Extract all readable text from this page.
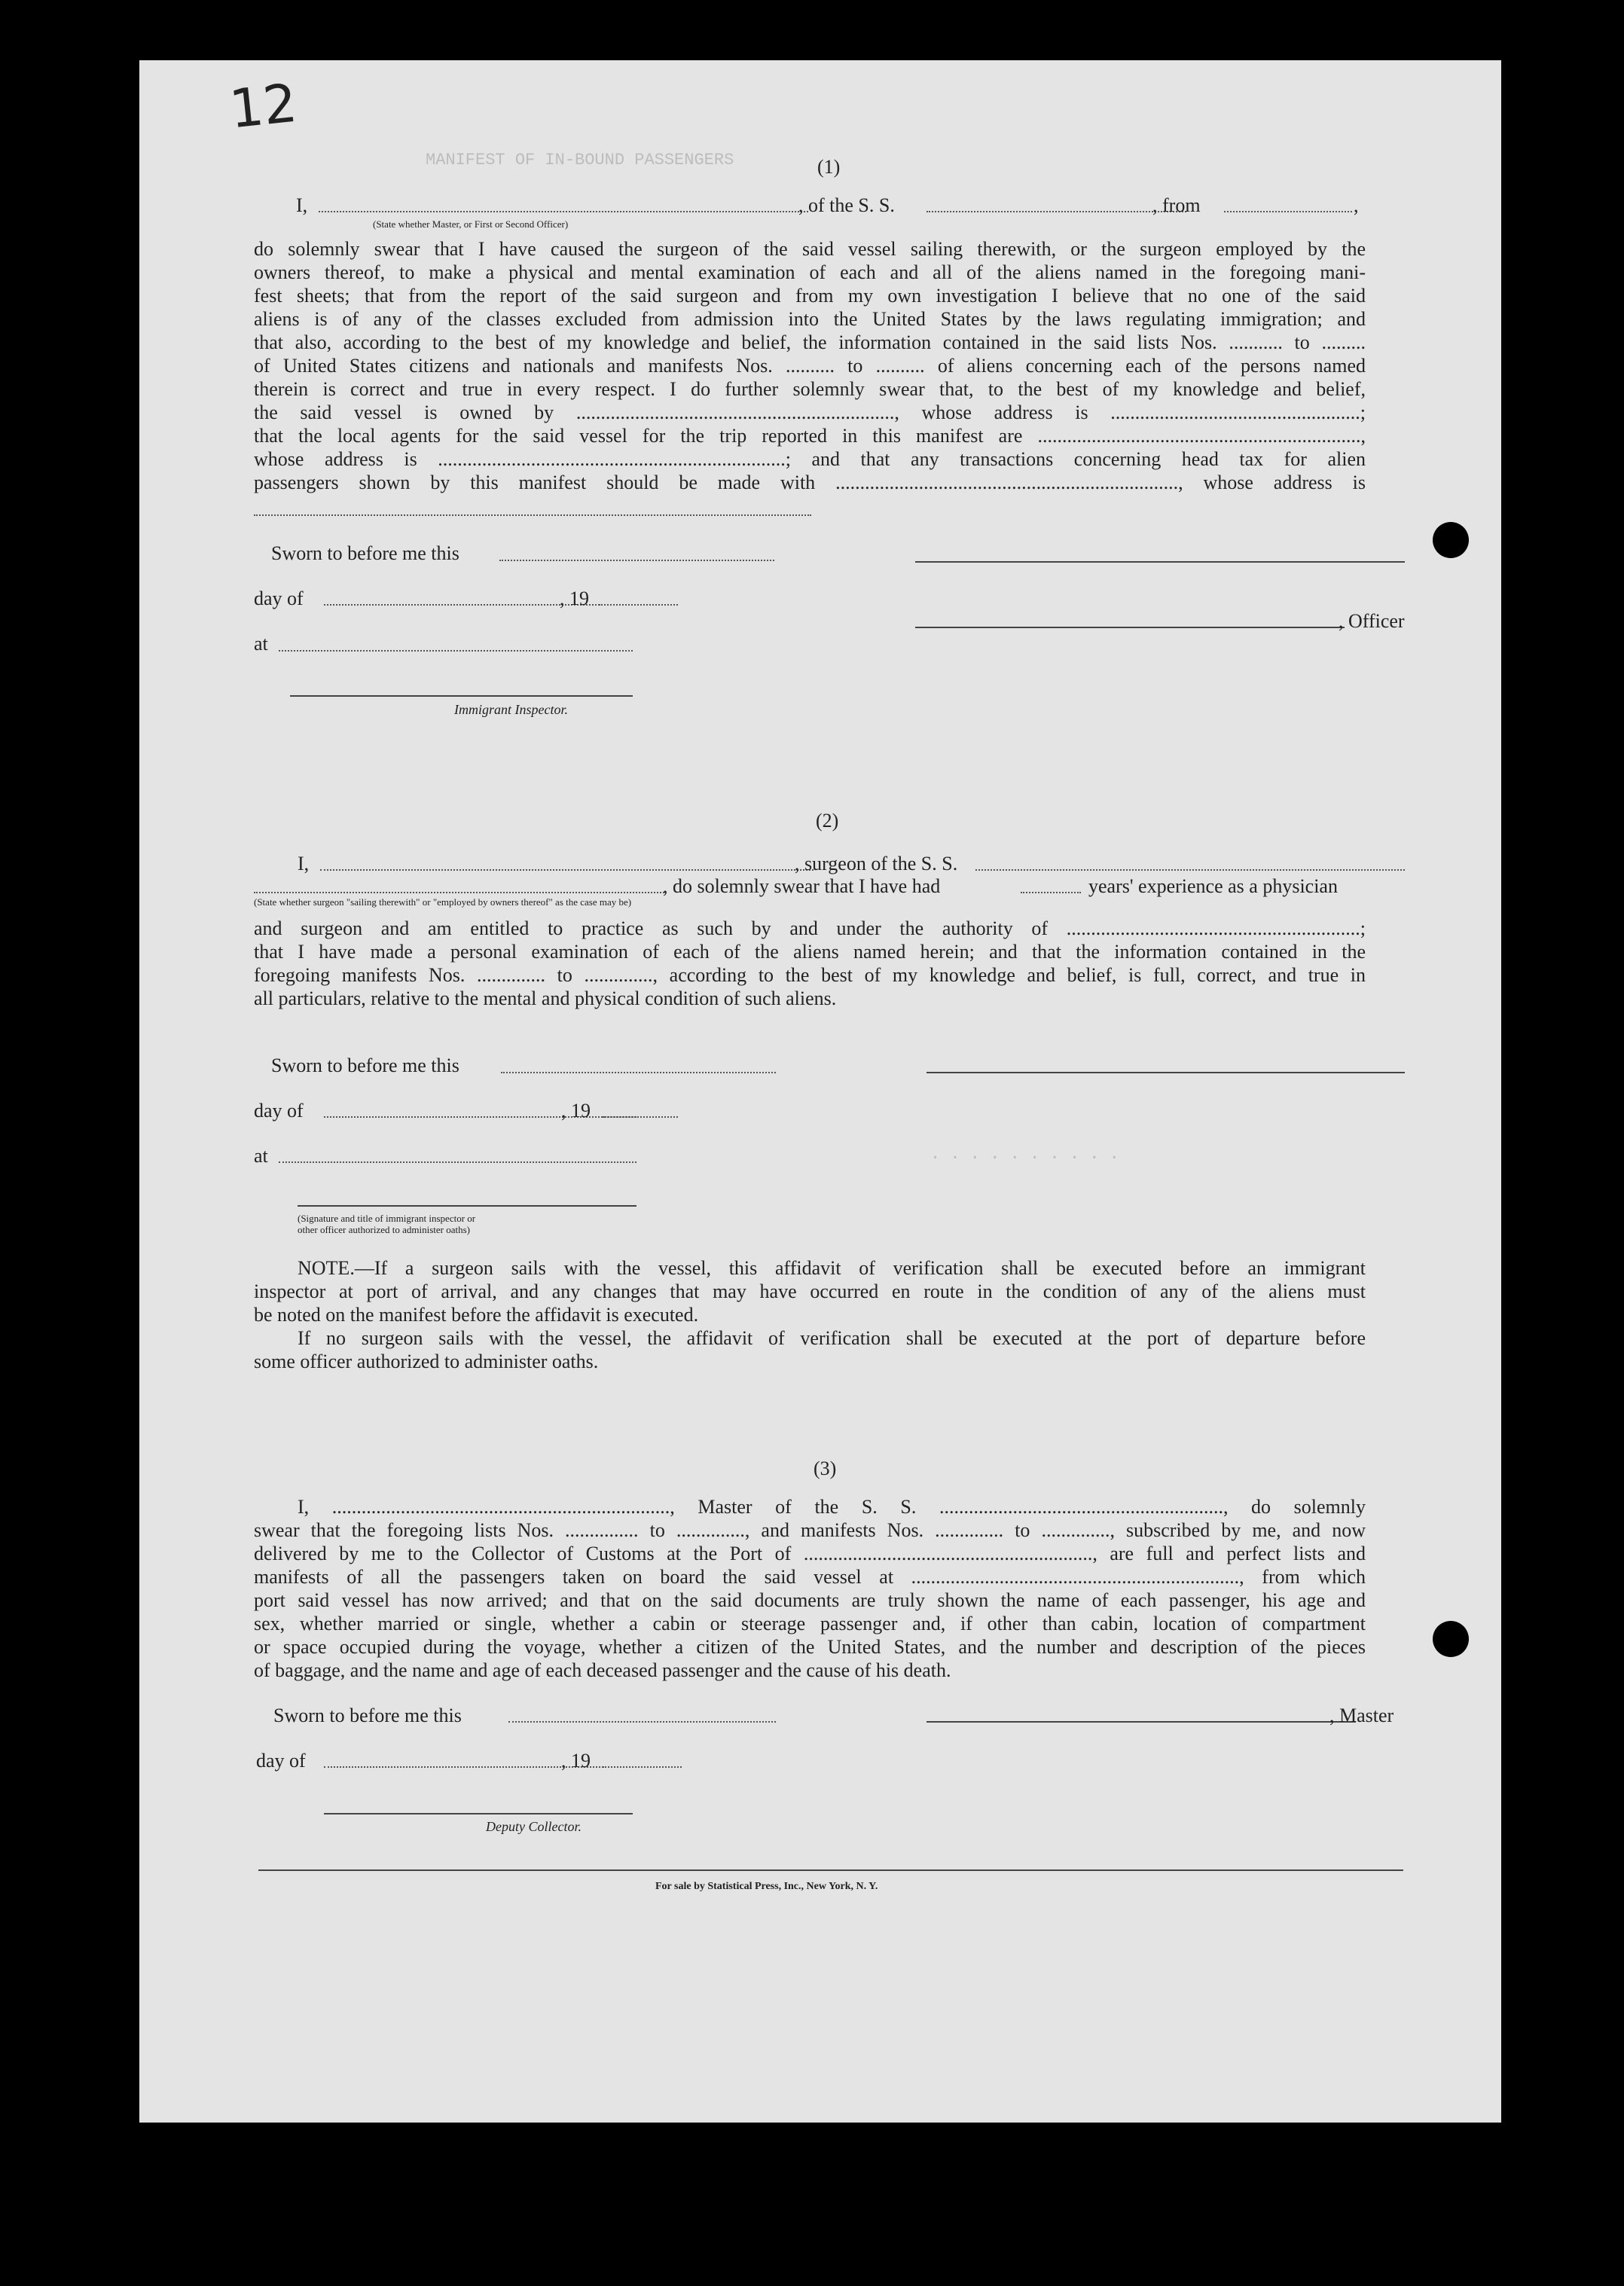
12
MANIFEST OF IN-BOUND PASSENGERS
. . . . . . . . . .
(1)
I,	, of the S. S.	, from	,
(State whether Master, or First or Second Officer)
do solemnly swear that I have caused the surgeon of the said vessel sailing therewith, or the surgeon employed by the
owners thereof, to make a physical and mental examination of each and all of the aliens named in the foregoing mani-
fest sheets; that from the report of the said surgeon and from my own investigation I believe that no one of the said
aliens is of any of the classes excluded from admission into the United States by the laws regulating immigration; and
that also, according to the best of my knowledge and belief, the information contained in the said lists Nos. ........... to .........
of United States citizens and nationals and manifests Nos. .......... to .......... of aliens concerning each of the persons named
therein is correct and true in every respect. I do further solemnly swear that, to the best of my knowledge and belief,
the said vessel is owned by ................................................................., whose address is ...................................................;
that the local agents for the said vessel for the trip reported in this manifest are ..................................................................,
whose address is .......................................................................; and that any transactions concerning head tax for alien
passengers shown by this manifest should be made with ......................................................................, whose address is
Sworn to before me this
day of	, 19
, Officer
at
Immigrant Inspector.
(2)
I,	, surgeon of the S. S.
, do solemnly swear that I have had	years' experience as a physician
(State whether surgeon "sailing therewith" or "employed by owners thereof" as the case may be)
and surgeon and am entitled to practice as such by and under the authority of ............................................................;
that I have made a personal examination of each of the aliens named herein; and that the information contained in the
foregoing manifests Nos. .............. to .............., according to the best of my knowledge and belief, is full, correct, and true in
all particulars, relative to the mental and physical condition of such aliens.
Sworn to before me this
day of	, 19
at
(Signature and title of immigrant inspector or
other officer authorized to administer oaths)
NOTE.—If a surgeon sails with the vessel, this affidavit of verification shall be executed before an immigrant
inspector at port of arrival, and any changes that may have occurred en route in the condition of any of the aliens must
be noted on the manifest before the affidavit is executed.
If no surgeon sails with the vessel, the affidavit of verification shall be executed at the port of departure before
some officer authorized to administer oaths.
(3)
I, ....................................................................., Master of the S. S. .........................................................., do solemnly
swear that the foregoing lists Nos. ............... to .............., and manifests Nos. .............. to .............., subscribed by me, and now
delivered by me to the Collector of Customs at the Port of ..........................................................., are full and perfect lists and
manifests of all the passengers taken on board the said vessel at ..................................................................., from which
port said vessel has now arrived; and that on the said documents are truly shown the name of each passenger, his age and
sex, whether married or single, whether a cabin or steerage passenger and, if other than cabin, location of compartment
or space occupied during the voyage, whether a citizen of the United States, and the number and description of the pieces
of baggage, and the name and age of each deceased passenger and the cause of his death.
Sworn to before me this	, Master
day of	, 19
Deputy Collector.
For sale by Statistical Press, Inc., New York, N. Y.
